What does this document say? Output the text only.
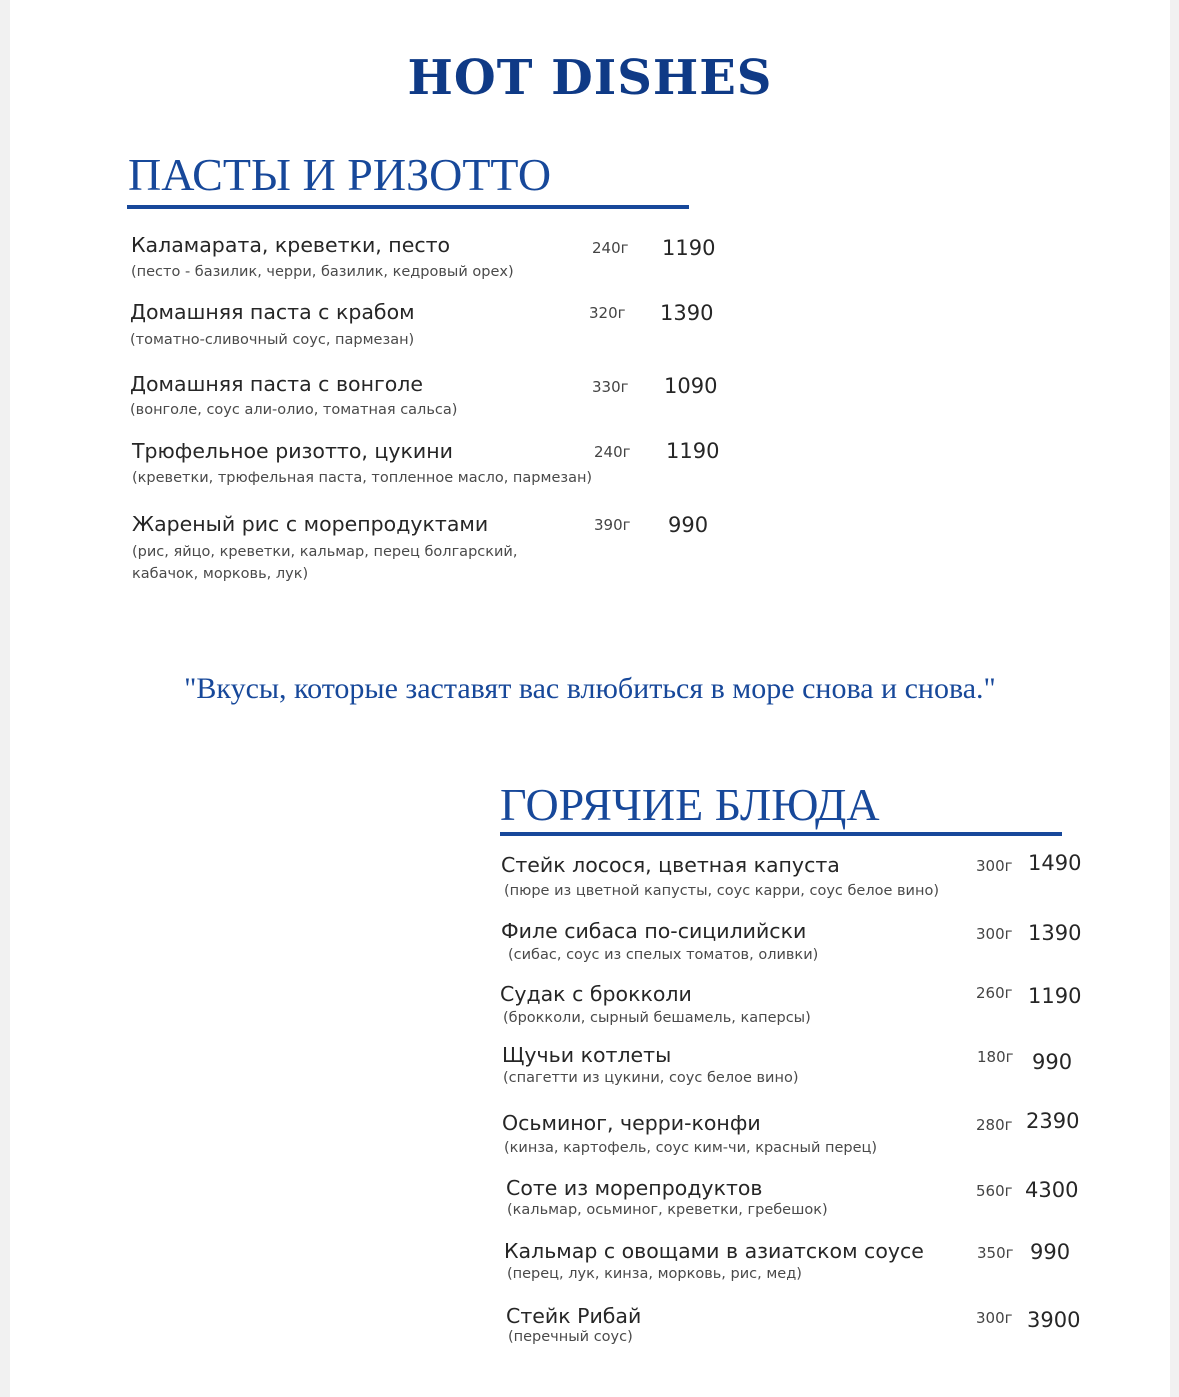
HOT DISHES
ПАСТЫ И РИЗОТТО
Каламарата, креветки, песто
(песто - базилик, черри, базилик, кедровый орех)
240г 1190
Домашняя паста с крабом
(томатно-сливочный соус, пармезан)
320г 1390
Домашняя паста с вонголе
(вонголе, соус али-олио, томатная сальса)
330г 1090
Трюфельное ризотто, цукини
(креветки, трюфельная паста, топленное масло, пармезан)
240г 1190
Жареный рис с морепродуктами
(рис, яйцо, креветки, кальмар, перец болгарский,
кабачок, морковь, лук)
390г 990

"Вкусы, которые заставят вас влюбиться в море снова и снова."

ГОРЯЧИЕ БЛЮДА
Стейк лосося, цветная капуста
(пюре из цветной капусты, соус карри, соус белое вино)
300г 1490
Филе сибаса по-сицилийски
(сибас, соус из спелых томатов, оливки)
300г 1390
Судак с брокколи
(брокколи, сырный бешамель, каперсы)
260г 1190
Щучьи котлеты
(спагетти из цукини, соус белое вино)
180г 990
Осьминог, черри-конфи
(кинза, картофель, соус ким-чи, красный перец)
280г 2390
Соте из морепродуктов
(кальмар, осьминог, креветки, гребешок)
560г 4300
Кальмар с овощами в азиатском соусе
(перец, лук, кинза, морковь, рис, мед)
350г 990
Стейк Рибай
(перечный соус)
300г 3900
